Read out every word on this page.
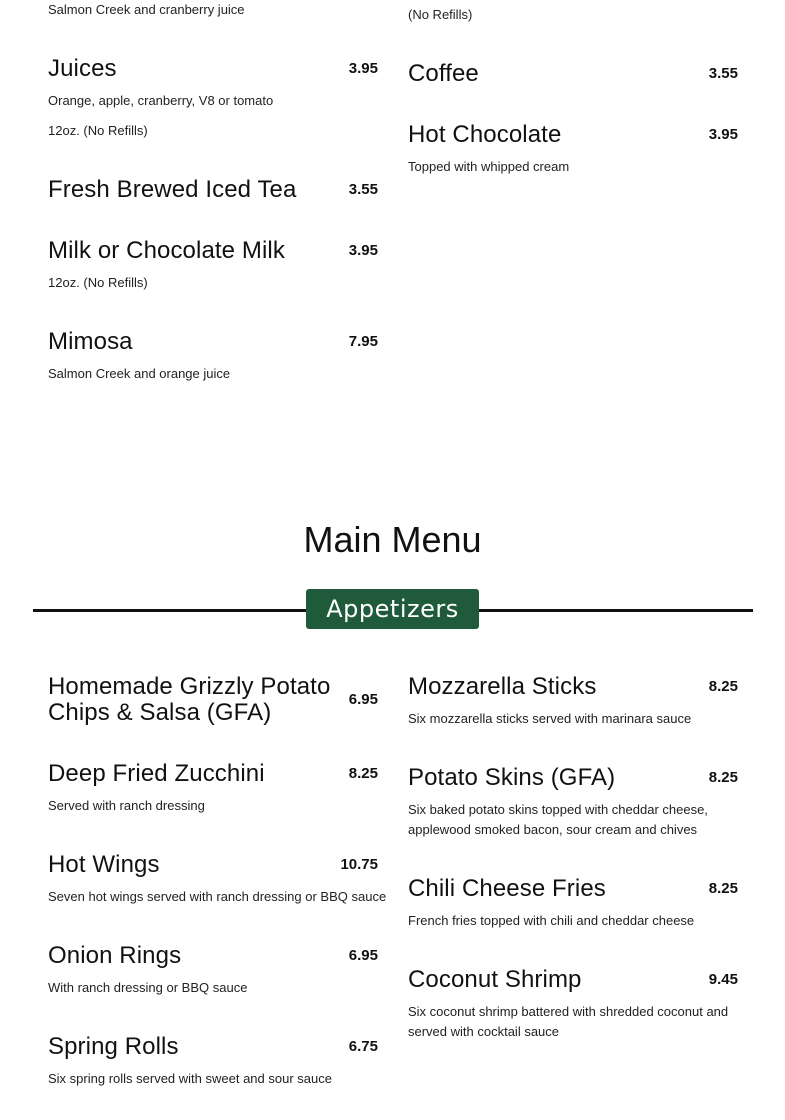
Salmon Creek and cranberry juice
Juices	3.95
Orange, apple, cranberry, V8 or tomato
12oz. (No Refills)
Fresh Brewed Iced Tea	3.55
Milk or Chocolate Milk	3.95
12oz. (No Refills)
Mimosa	7.95
Salmon Creek and orange juice
(No Refills)
Coffee	3.55
Hot Chocolate	3.95
Topped with whipped cream
Main Menu
Appetizers
Homemade Grizzly Potato Chips & Salsa (GFA)	6.95
Deep Fried Zucchini	8.25
Served with ranch dressing
Hot Wings	10.75
Seven hot wings served with ranch dressing or BBQ sauce
Onion Rings	6.95
With ranch dressing or BBQ sauce
Spring Rolls	6.75
Six spring rolls served with sweet and sour sauce
Mozzarella Sticks	8.25
Six mozzarella sticks served with marinara sauce
Potato Skins (GFA)	8.25
Six baked potato skins topped with cheddar cheese, applewood smoked bacon, sour cream and chives
Chili Cheese Fries	8.25
French fries topped with chili and cheddar cheese
Coconut Shrimp	9.45
Six coconut shrimp battered with shredded coconut and served with cocktail sauce
